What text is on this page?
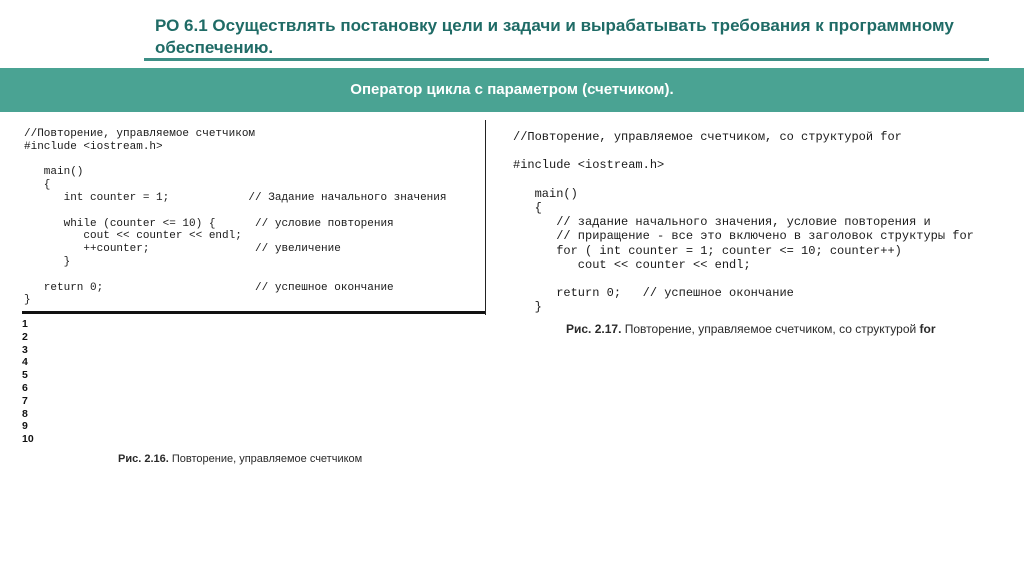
РО 6.1 Осуществлять постановку цели и задачи и вырабатывать требования к программному обеспечению.
Оператор цикла с параметром (счетчиком).
//Повторение, управляемое счетчиком
#include <iostream.h>

main()
{
int counter = 1;            // Задание начального значения

while (counter <= 10) {      // условие повторения
cout << counter << endl;
++counter;                // увеличение
}

return 0;                       // успешное окончание
}
1
2
3
4
5
6
7
8
9
10
Рис. 2.16. Повторение, управляемое счетчиком
//Повторение, управляемое счетчиком, со структурой for

#include <iostream.h>

main()
{
// задание начального значения, условие повторения и
// приращение - все это включено в заголовок структуры for
for ( int counter = 1; counter <= 10; counter++)
cout << counter << endl;

return 0;   // успешное окончание
}
Рис. 2.17. Повторение, управляемое счетчиком, со структурой for
